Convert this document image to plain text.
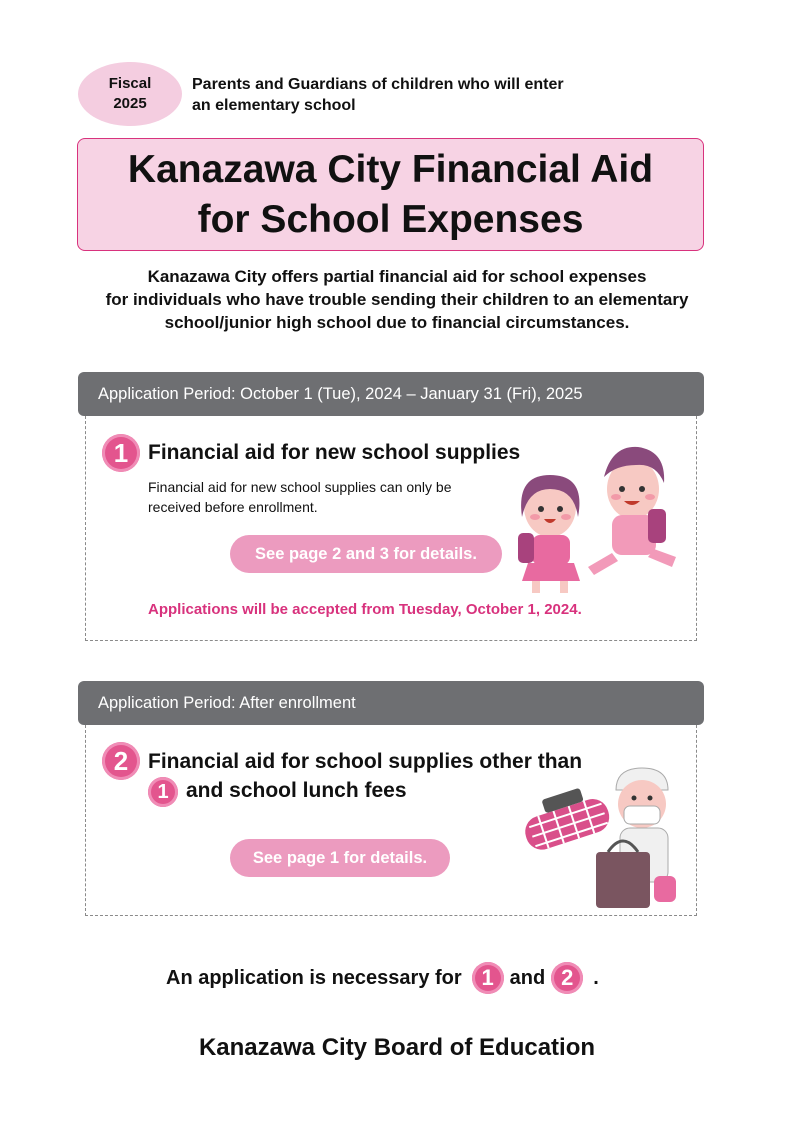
Fiscal
2025
Parents and Guardians of children who will enter
an elementary school
Kanazawa City Financial Aid
for School Expenses
Kanazawa City offers partial financial aid for school expenses
for individuals who have trouble sending their children to an elementary
school/junior high school due to financial circumstances.
Application Period: October 1 (Tue), 2024 – January 31 (Fri), 2025
1 Financial aid for new school supplies
Financial aid for new school supplies can only be
received before enrollment.
See page 2 and 3 for details.
Applications will be accepted from Tuesday, October 1, 2024.
Application Period: After enrollment
2 Financial aid for school supplies other than
1 and school lunch fees
See page 1 for details.
An application is necessary for 1 and 2 .
Kanazawa City Board of Education
